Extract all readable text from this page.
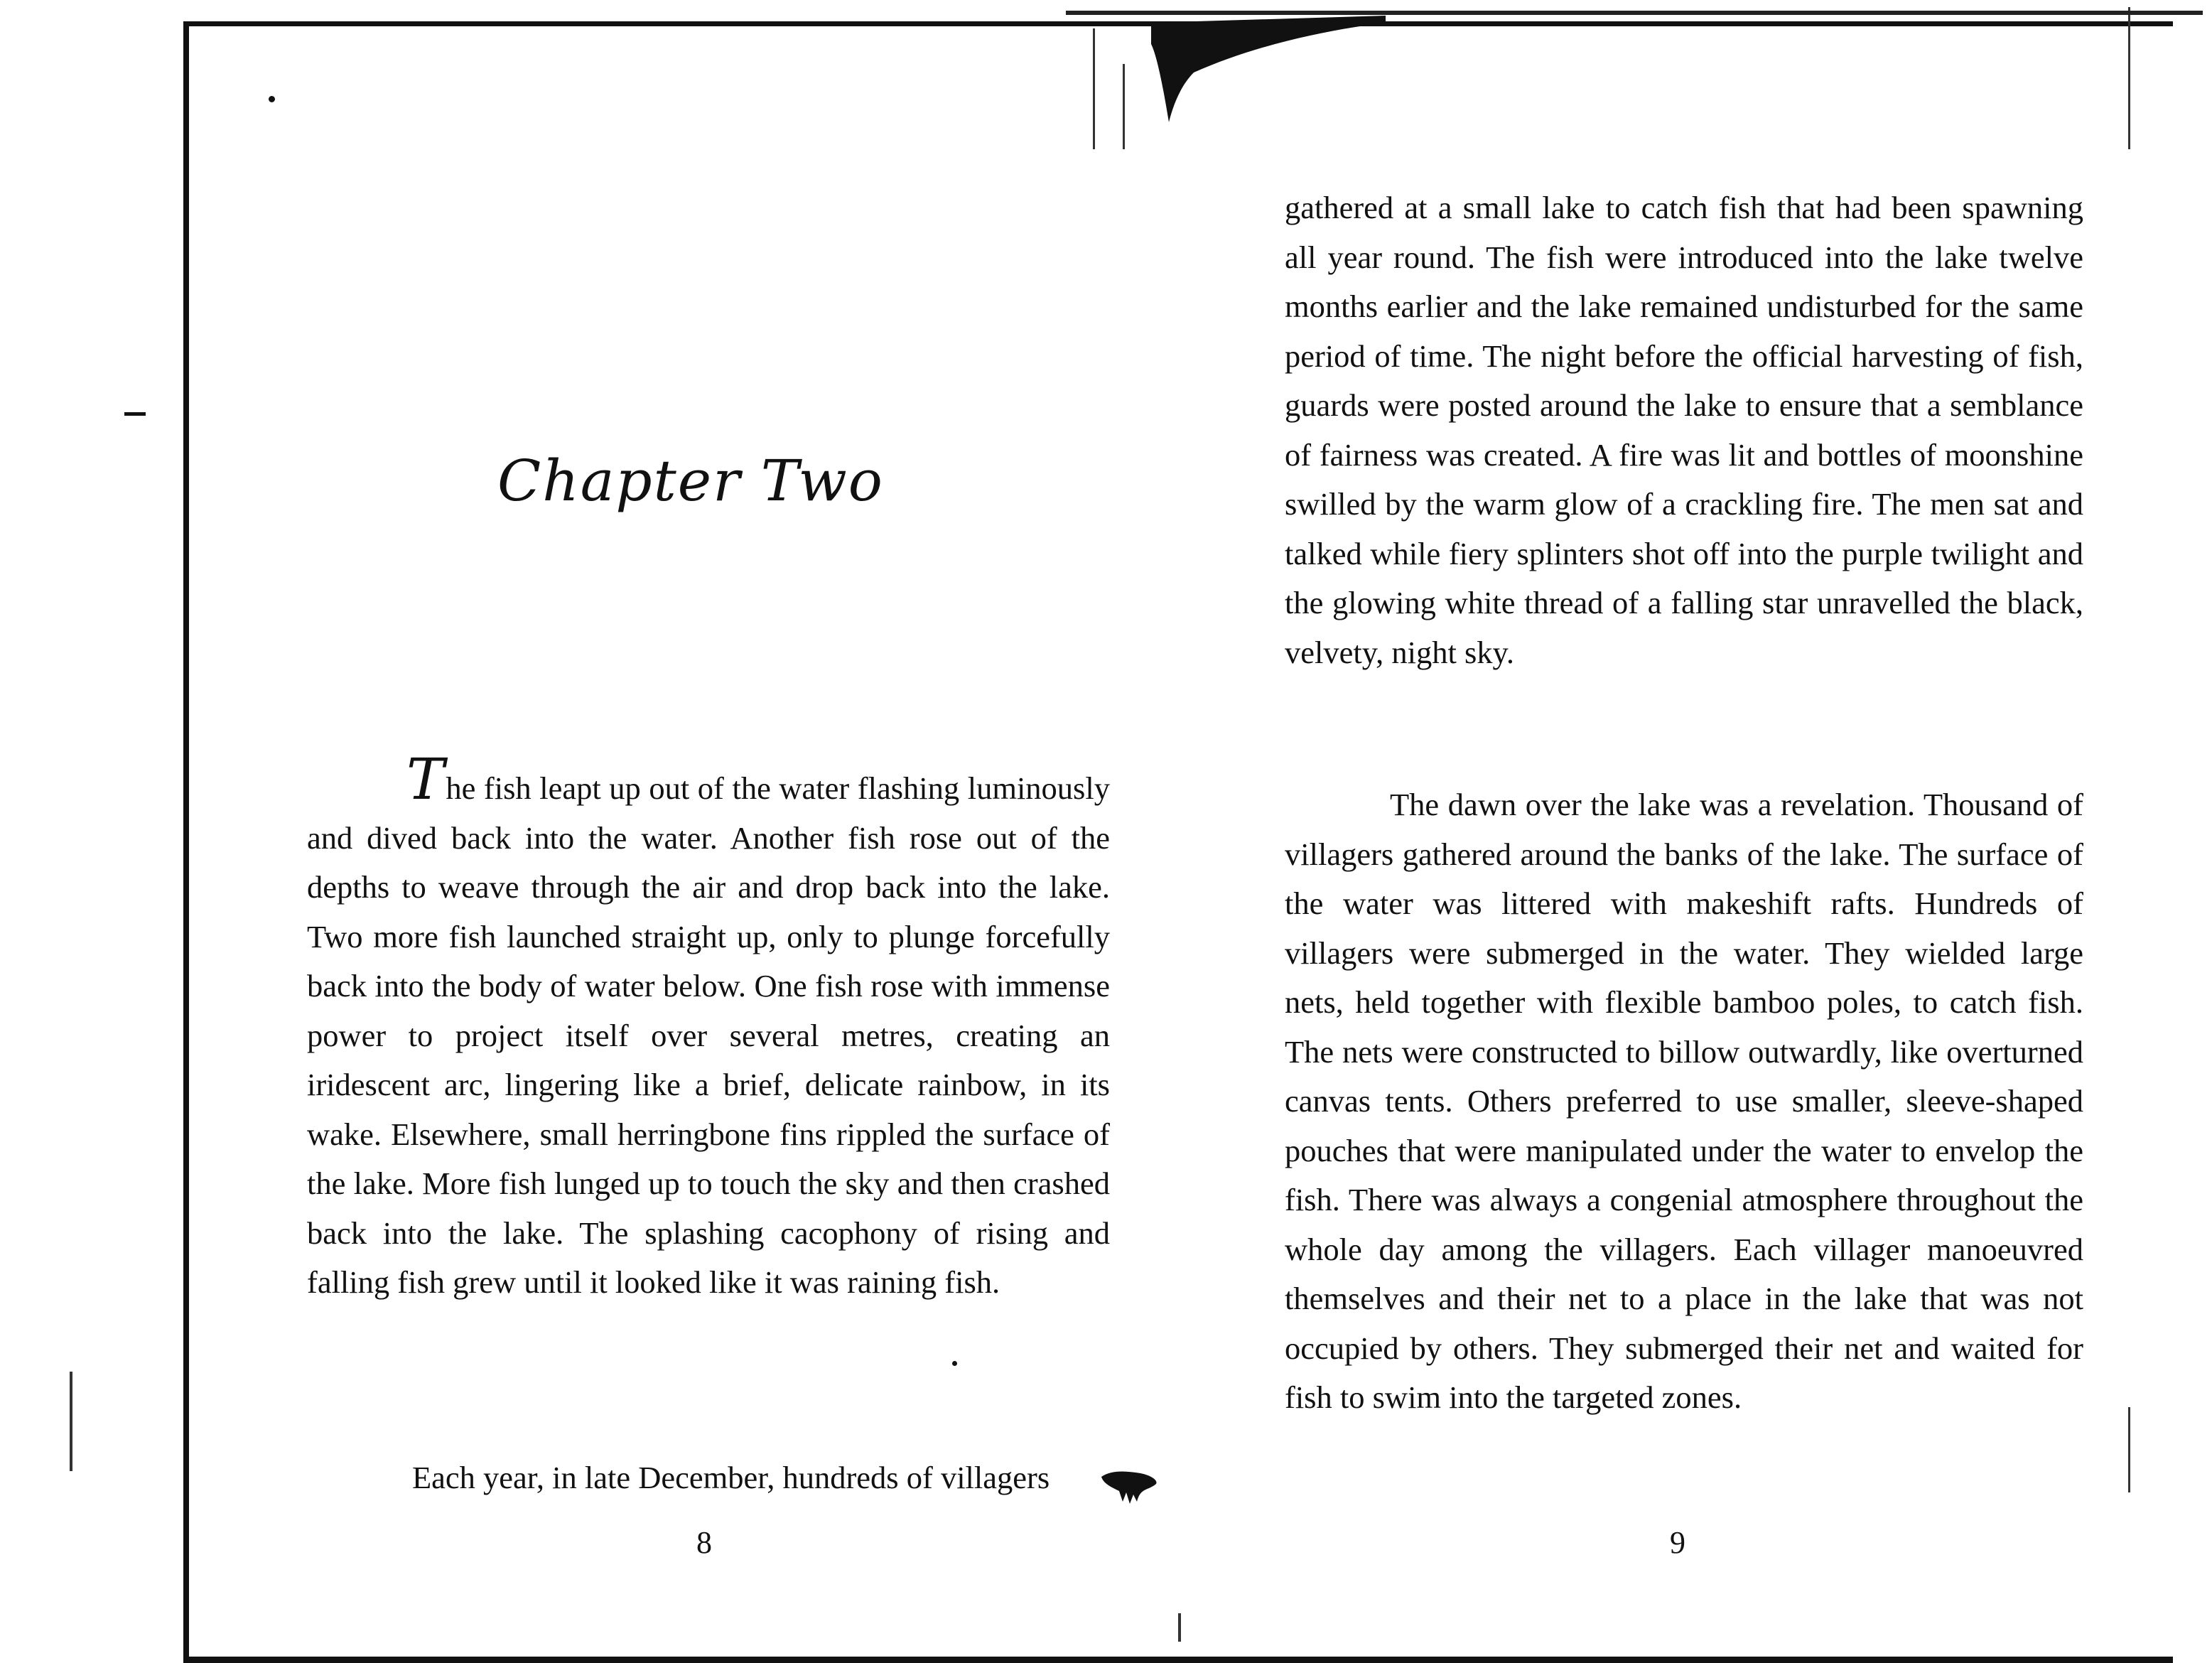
Chapter Two
The fish leapt up out of the water flashing luminously and dived back into the water. Another fish rose out of the depths to weave through the air and drop back into the lake. Two more fish launched straight up, only to plunge forcefully back into the body of water below. One fish rose with immense power to project itself over several metres, creating an iridescent arc, lingering like a brief, delicate rainbow, in its wake. Elsewhere, small herringbone fins rippled the surface of the lake. More fish lunged up to touch the sky and then crashed back into the lake. The splashing cacophony of rising and falling fish grew until it looked like it was raining fish.
Each year, in late December, hundreds of villagers
8
gathered at a small lake to catch fish that had been spawning all year round. The fish were introduced into the lake twelve months earlier and the lake remained undisturbed for the same period of time. The night before the official harvesting of fish, guards were posted around the lake to ensure that a semblance of fairness was created. A fire was lit and bottles of moonshine swilled by the warm glow of a crackling fire. The men sat and talked while fiery splinters shot off into the purple twilight and the glowing white thread of a falling star unravelled the black, velvety, night sky.
The dawn over the lake was a revelation. Thousand of villagers gathered around the banks of the lake. The surface of the water was littered with makeshift rafts. Hundreds of villagers were submerged in the water. They wielded large nets, held together with flexible bamboo poles, to catch fish. The nets were constructed to billow outwardly, like overturned canvas tents. Others preferred to use smaller, sleeve-shaped pouches that were manipulated under the water to envelop the fish. There was always a congenial atmosphere throughout the whole day among the villagers. Each villager manoeuvred themselves and their net to a place in the lake that was not occupied by others. They submerged their net and waited for fish to swim into the targeted zones.
9
